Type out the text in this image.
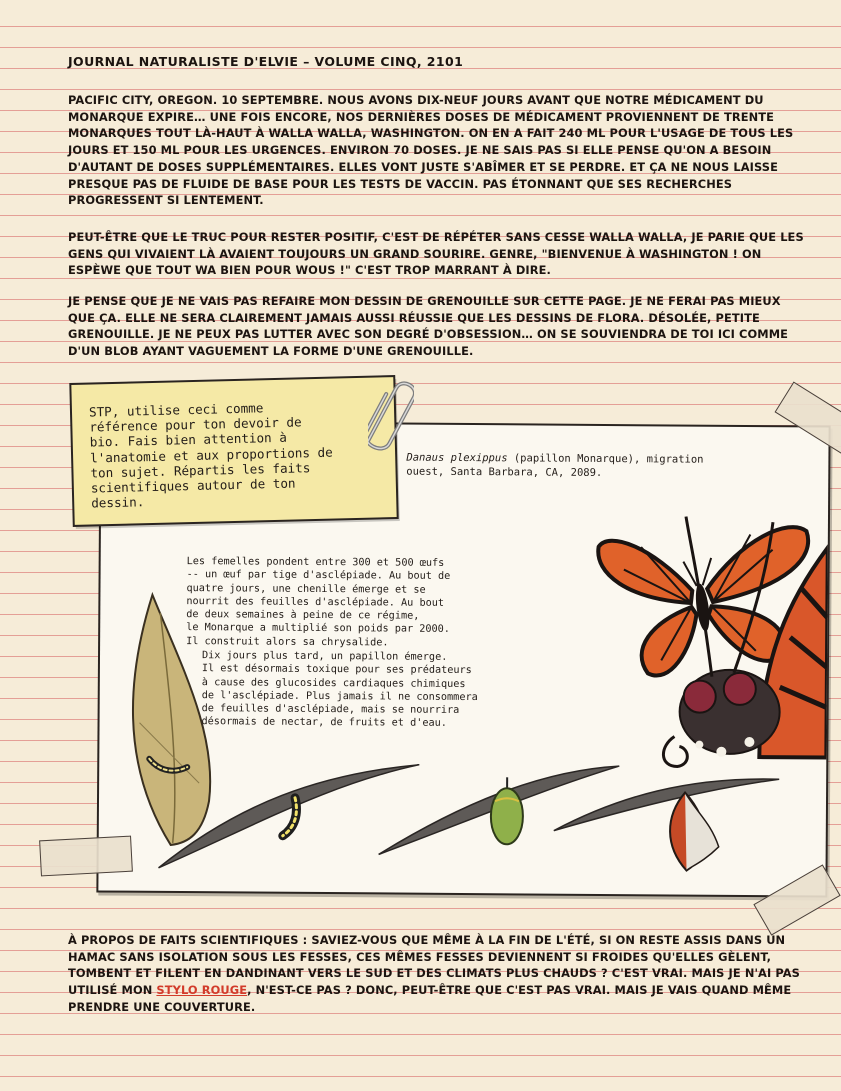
JOURNAL NATURALISTE D'ELVIE – VOLUME CINQ, 2101

PACIFIC CITY, OREGON. 10 SEPTEMBRE. NOUS AVONS DIX-NEUF JOURS AVANT QUE NOTRE MÉDICAMENT DU MONARQUE EXPIRE… UNE FOIS ENCORE, NOS DERNIÈRES DOSES DE MÉDICAMENT PROVIENNENT DE TRENTE MONARQUES TOUT LÀ-HAUT À WALLA WALLA, WASHINGTON. ON EN A FAIT 240 ML POUR L'USAGE DE TOUS LES JOURS ET 150 ML POUR LES URGENCES. ENVIRON 70 DOSES. JE NE SAIS PAS SI ELLE PENSE QU'ON A BESOIN D'AUTANT DE DOSES SUPPLÉMENTAIRES. ELLES VONT JUSTE S'ABÎMER ET SE PERDRE. ET ÇA NE NOUS LAISSE PRESQUE PAS DE FLUIDE DE BASE POUR LES TESTS DE VACCIN. PAS ÉTONNANT QUE SES RECHERCHES PROGRESSENT SI LENTEMENT.

PEUT-ÊTRE QUE LE TRUC POUR RESTER POSITIF, C'EST DE RÉPÉTER SANS CESSE WALLA WALLA, JE PARIE QUE LES GENS QUI VIVAIENT LÀ AVAIENT TOUJOURS UN GRAND SOURIRE. GENRE, "BIENVENUE À WASHINGTON ! ON ESPÈWE QUE TOUT WA BIEN POUR WOUS !" C'EST TROP MARRANT À DIRE.

JE PENSE QUE JE NE VAIS PAS REFAIRE MON DESSIN DE GRENOUILLE SUR CETTE PAGE. JE NE FERAI PAS MIEUX QUE ÇA. ELLE NE SERA CLAIREMENT JAMAIS AUSSI RÉUSSIE QUE LES DESSINS DE FLORA. DÉSOLÉE, PETITE GRENOUILLE. JE NE PEUX PAS LUTTER AVEC SON DEGRÉ D'OBSESSION… ON SE SOUVIENDRA DE TOI ICI COMME D'UN BLOB AYANT VAGUEMENT LA FORME D'UNE GRENOUILLE.

Danaus plexippus (papillon Monarque), migration ouest, Santa Barbara, CA, 2089.

Les femelles pondent entre 300 et 500 œufs
-- un œuf par tige d'asclépiade. Au bout de
quatre jours, une chenille émerge et se
nourrit des feuilles d'asclépiade. Au bout
de deux semaines à peine de ce régime,
le Monarque a multiplié son poids par 2000.
Il construit alors sa chrysalide.

Dix jours plus tard, un papillon émerge.
Il est désormais toxique pour ses prédateurs
à cause des glucosides cardiaques chimiques
de l'asclépiade. Plus jamais il ne consommera
de feuilles d'asclépiade, mais se nourrira
désormais de nectar, de fruits et d'eau.

STP, utilise ceci comme référence pour ton devoir de bio. Fais bien attention à l'anatomie et aux proportions de ton sujet. Répartis les faits scientifiques autour de ton dessin.

À PROPOS DE FAITS SCIENTIFIQUES : SAVIEZ-VOUS QUE MÊME À LA FIN DE L'ÉTÉ, SI ON RESTE ASSIS DANS UN HAMAC SANS ISOLATION SOUS LES FESSES, CES MÊMES FESSES DEVIENNENT SI FROIDES QU'ELLES GÈLENT, TOMBENT ET FILENT EN DANDINANT VERS LE SUD ET DES CLIMATS PLUS CHAUDS ? C'EST VRAI. MAIS JE N'AI PAS UTILISÉ MON STYLO ROUGE, N'EST-CE PAS ? DONC, PEUT-ÊTRE QUE C'EST PAS VRAI. MAIS JE VAIS QUAND MÊME PRENDRE UNE COUVERTURE.
